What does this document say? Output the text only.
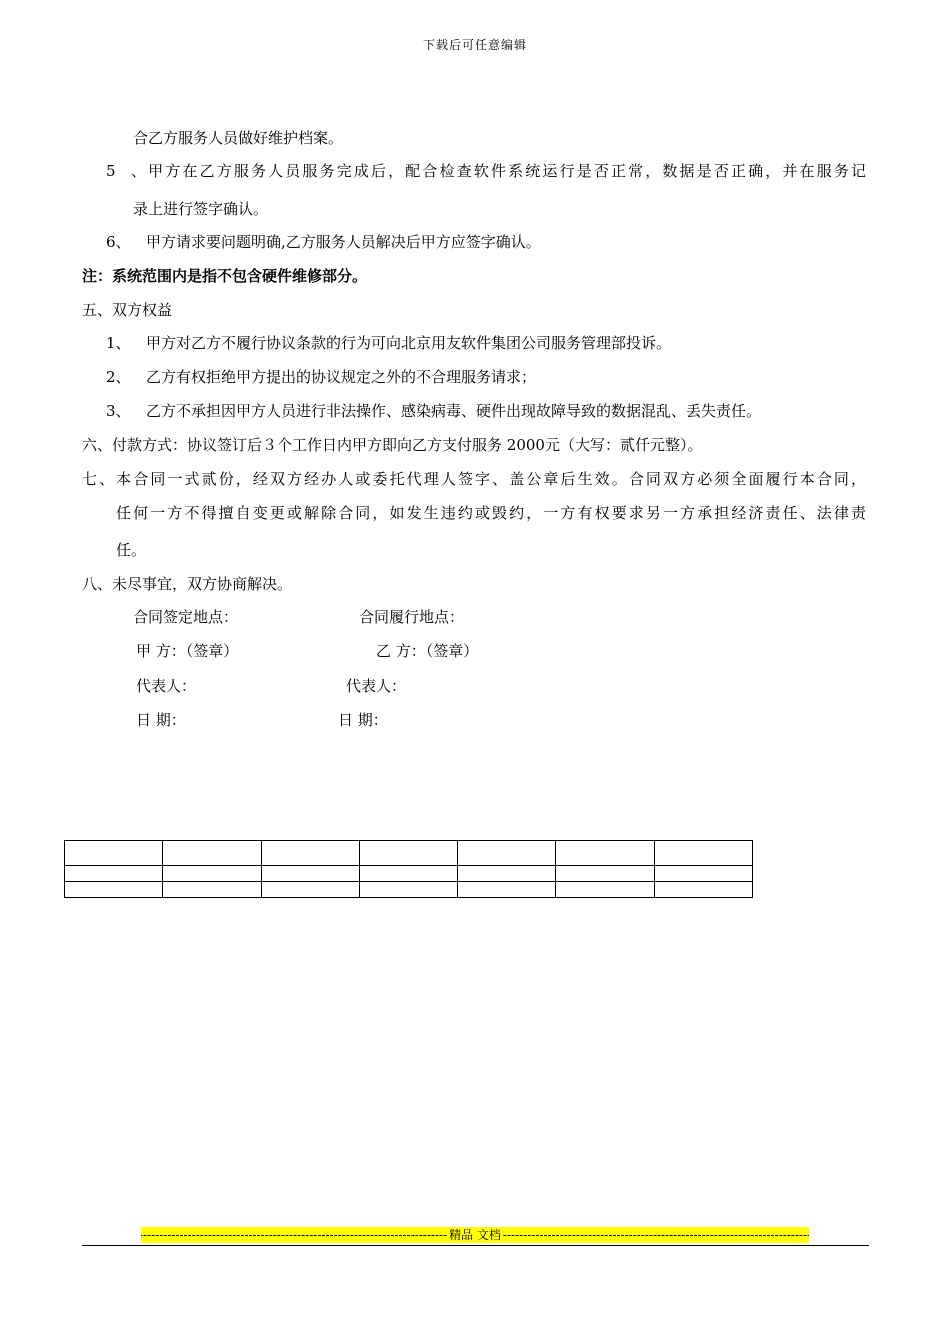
下载后可任意编辑
合乙方服务人员做好维护档案。
5、甲方在乙方服务人员服务完成后，配合检查软件系统运行是否正常，数据是否正确，并在服务记
录上进行签字确认。
6、 甲方请求要问题明确,乙方服务人员解决后甲方应签字确认。
注：系统范围内是指不包含硬件维修部分。
五、双方权益
1、 甲方对乙方不履行协议条款的行为可向北京用友软件集团公司服务管理部投诉。
2、 乙方有权拒绝甲方提出的协议规定之外的不合理服务请求；
3、 乙方不承担因甲方人员进行非法操作、感染病毒、硬件出现故障导致的数据混乱、丢失责任。
六、付款方式：协议签订后３个工作日内甲方即向乙方支付服务 2000元（大写：贰仟元整）。
七、本合同一式贰份，经双方经办人或委托代理人签字、盖公章后生效。合同双方必须全面履行本合同，
任何一方不得擅自变更或解除合同，如发生违约或毁约，一方有权要求另一方承担经济责任、法律责
任。
八、未尽事宜，双方协商解决。
合同签定地点：	合同履行地点：
甲 方：（签章）	乙 方：（签章）
代表人：	代表人：
日 期：	日 期：

-----
精品 文档
-----
